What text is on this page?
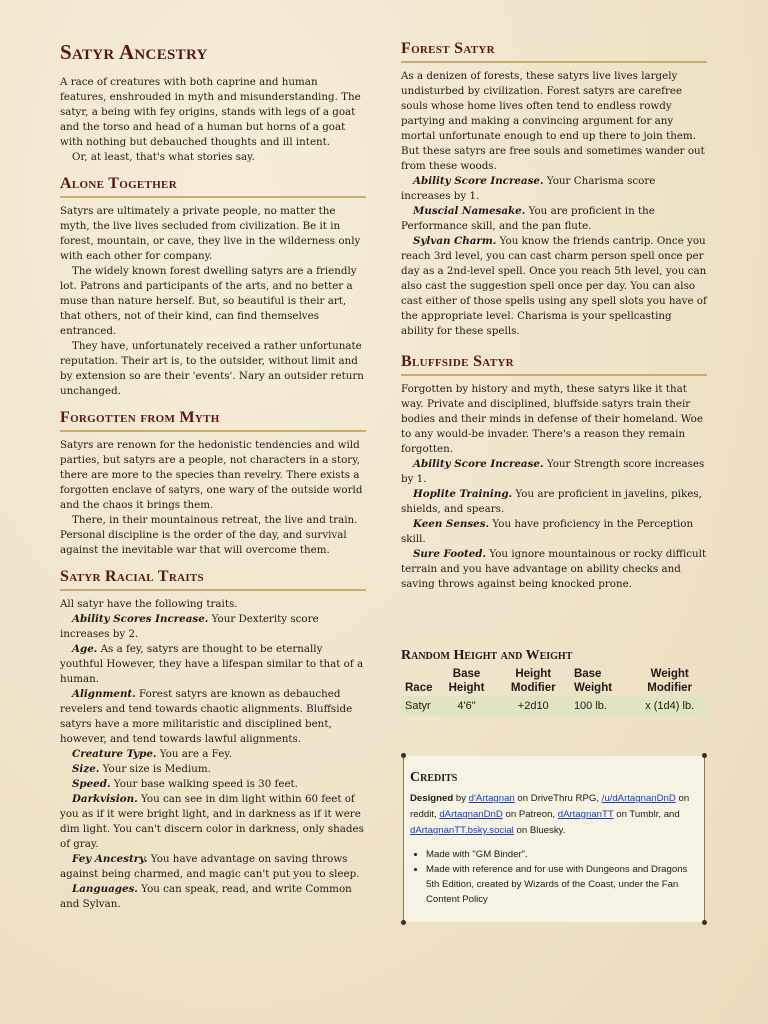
Satyr Ancestry

A race of creatures with both caprine and human features, enshrouded in myth and misunderstanding. The satyr, a being with fey origins, stands with legs of a goat and the torso and head of a human but horns of a goat with nothing but debauched thoughts and ill intent.

Or, at least, that's what stories say.

Alone Together

Satyrs are ultimately a private people, no matter the myth, the live lives secluded from civilization. Be it in forest, mountain, or cave, they live in the wilderness only with each other for company.

The widely known forest dwelling satyrs are a friendly lot. Patrons and participants of the arts, and no better a muse than nature herself. But, so beautiful is their art, that others, not of their kind, can find themselves entranced.

They have, unfortunately received a rather unfortunate reputation. Their art is, to the outsider, without limit and by extension so are their 'events'. Nary an outsider return unchanged.

Forgotten from Myth

Satyrs are renown for the hedonistic tendencies and wild parties, but satyrs are a people, not characters in a story, there are more to the species than revelry. There exists a forgotten enclave of satyrs, one wary of the outside world and the chaos it brings them.

There, in their mountainous retreat, the live and train. Personal discipline is the order of the day, and survival against the inevitable war that will overcome them.

Satyr Racial Traits

All satyr have the following traits.

Ability Scores Increase. Your Dexterity score increases by 2.

Age. As a fey, satyrs are thought to be eternally youthful However, they have a lifespan similar to that of a human.

Alignment. Forest satyrs are known as debauched revelers and tend towards chaotic alignments. Bluffside satyrs have a more militaristic and disciplined bent, however, and tend towards lawful alignments.

Creature Type. You are a Fey.

Size. Your size is Medium.

Speed. Your base walking speed is 30 feet.

Darkvision. You can see in dim light within 60 feet of you as if it were bright light, and in darkness as if it were dim light. You can't discern color in darkness, only shades of gray.

Fey Ancestry. You have advantage on saving throws against being charmed, and magic can't put you to sleep.

Languages. You can speak, read, and write Common and Sylvan.

Forest Satyr

As a denizen of forests, these satyrs live lives largely undisturbed by civilization. Forest satyrs are carefree souls whose home lives often tend to endless rowdy partying and making a convincing argument for any mortal unfortunate enough to end up there to join them. But these satyrs are free souls and sometimes wander out from these woods.

Ability Score Increase. Your Charisma score increases by 1.

Muscial Namesake. You are proficient in the Performance skill, and the pan flute.

Sylvan Charm. You know the friends cantrip. Once you reach 3rd level, you can cast charm person spell once per day as a 2nd-level spell. Once you reach 5th level, you can also cast the suggestion spell once per day. You can also cast either of those spells using any spell slots you have of the appropriate level. Charisma is your spellcasting ability for these spells.

Bluffside Satyr

Forgotten by history and myth, these satyrs like it that way. Private and disciplined, bluffside satyrs train their bodies and their minds in defense of their homeland. Woe to any would-be invader. There's a reason they remain forgotten.

Ability Score Increase. Your Strength score increases by 1.

Hoplite Training. You are proficient in javelins, pikes, shields, and spears.

Keen Senses. You have proficiency in the Perception skill.

Sure Footed. You ignore mountainous or rocky difficult terrain and you have advantage on ability checks and saving throws against being knocked prone.

Random Height and Weight
Race	Base Height	Height Modifier	Base Weight	Weight Modifier
Satyr	4'6"	+2d10	100 lb.	x (1d4) lb.
Credits

Designed by d'Artagnan on DriveThru RPG, /u/dArtagnanDnD on reddit, dArtagnanDnD on Patreon, dArtagnanTT on Tumblr, and dArtagnanTT.bsky.social on Bluesky.

• Made with "GM Binder".
• Made with reference and for use with Dungeons and Dragons 5th Edition, created by Wizards of the Coast, under the Fan Content Policy
